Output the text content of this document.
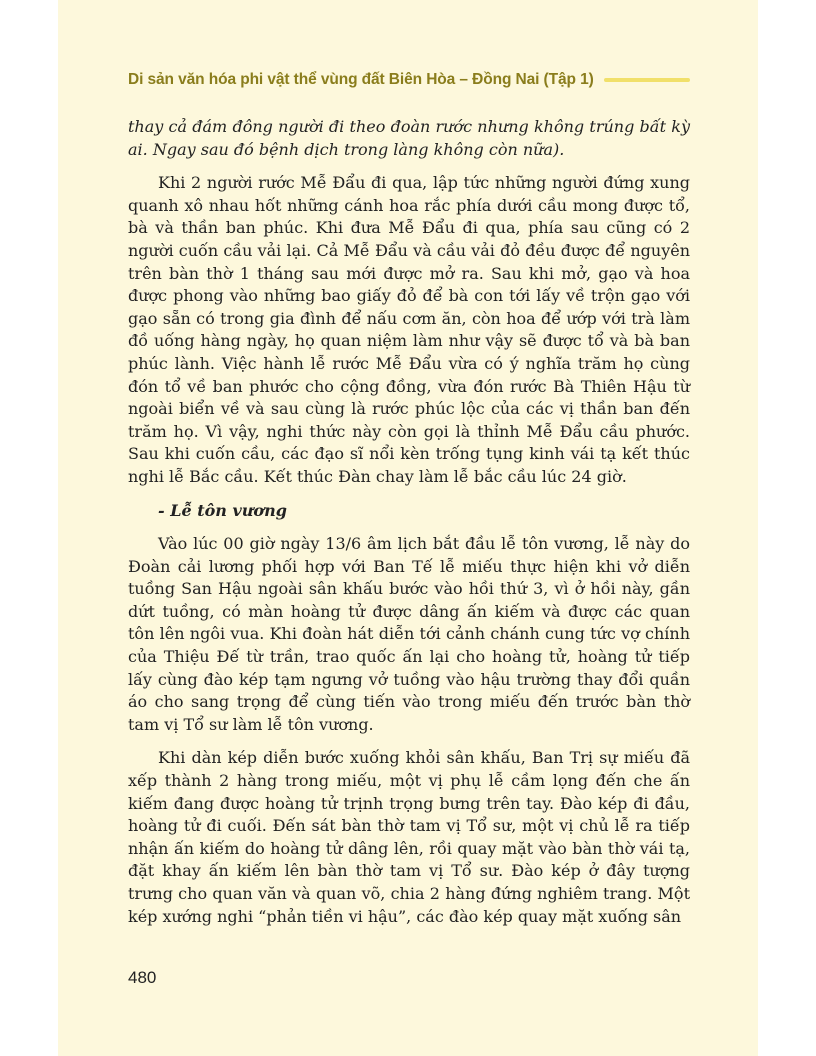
Di sản văn hóa phi vật thể vùng đất Biên Hòa – Đồng Nai (Tập 1)

thay cả đám đông người đi theo đoàn rước nhưng không trúng bất kỳ ai. Ngay sau đó bệnh dịch trong làng không còn nữa).

Khi 2 người rước Mễ Đẩu đi qua, lập tức những người đứng xung quanh xô nhau hốt những cánh hoa rắc phía dưới cầu mong được tổ, bà và thần ban phúc. Khi đưa Mễ Đẩu đi qua, phía sau cũng có 2 người cuốn cầu vải lại. Cả Mễ Đẩu và cầu vải đỏ đều được để nguyên trên bàn thờ 1 tháng sau mới được mở ra. Sau khi mở, gạo và hoa được phong vào những bao giấy đỏ để bà con tới lấy về trộn gạo với gạo sẵn có trong gia đình để nấu cơm ăn, còn hoa để ướp với trà làm đồ uống hàng ngày, họ quan niệm làm như vậy sẽ được tổ và bà ban phúc lành. Việc hành lễ rước Mễ Đẩu vừa có ý nghĩa trăm họ cùng đón tổ về ban phước cho cộng đồng, vừa đón rước Bà Thiên Hậu từ ngoài biển về và sau cùng là rước phúc lộc của các vị thần ban đến trăm họ. Vì vậy, nghi thức này còn gọi là thỉnh Mễ Đẩu cầu phước. Sau khi cuốn cầu, các đạo sĩ nổi kèn trống tụng kinh vái tạ kết thúc nghi lễ Bắc cầu. Kết thúc Đàn chay làm lễ bắc cầu lúc 24 giờ.

- Lễ tôn vương

Vào lúc 00 giờ ngày 13/6 âm lịch bắt đầu lễ tôn vương, lễ này do Đoàn cải lương phối hợp với Ban Tế lễ miếu thực hiện khi vở diễn tuồng San Hậu ngoài sân khấu bước vào hồi thứ 3, vì ở hồi này, gần dứt tuồng, có màn hoàng tử được dâng ấn kiếm và được các quan tôn lên ngôi vua. Khi đoàn hát diễn tới cảnh chánh cung tức vợ chính của Thiệu Đế từ trần, trao quốc ấn lại cho hoàng tử, hoàng tử tiếp lấy cùng đào kép tạm ngưng vở tuồng vào hậu trường thay đổi quần áo cho sang trọng để cùng tiến vào trong miếu đến trước bàn thờ tam vị Tổ sư làm lễ tôn vương.

Khi dàn kép diễn bước xuống khỏi sân khấu, Ban Trị sự miếu đã xếp thành 2 hàng trong miếu, một vị phụ lễ cầm lọng đến che ấn kiếm đang được hoàng tử trịnh trọng bưng trên tay. Đào kép đi đầu, hoàng tử đi cuối. Đến sát bàn thờ tam vị Tổ sư, một vị chủ lễ ra tiếp nhận ấn kiếm do hoàng tử dâng lên, rồi quay mặt vào bàn thờ vái tạ, đặt khay ấn kiếm lên bàn thờ tam vị Tổ sư. Đào kép ở đây tượng trưng cho quan văn và quan võ, chia 2 hàng đứng nghiêm trang. Một kép xướng nghi “phản tiền vi hậu”, các đào kép quay mặt xuống sân

480
